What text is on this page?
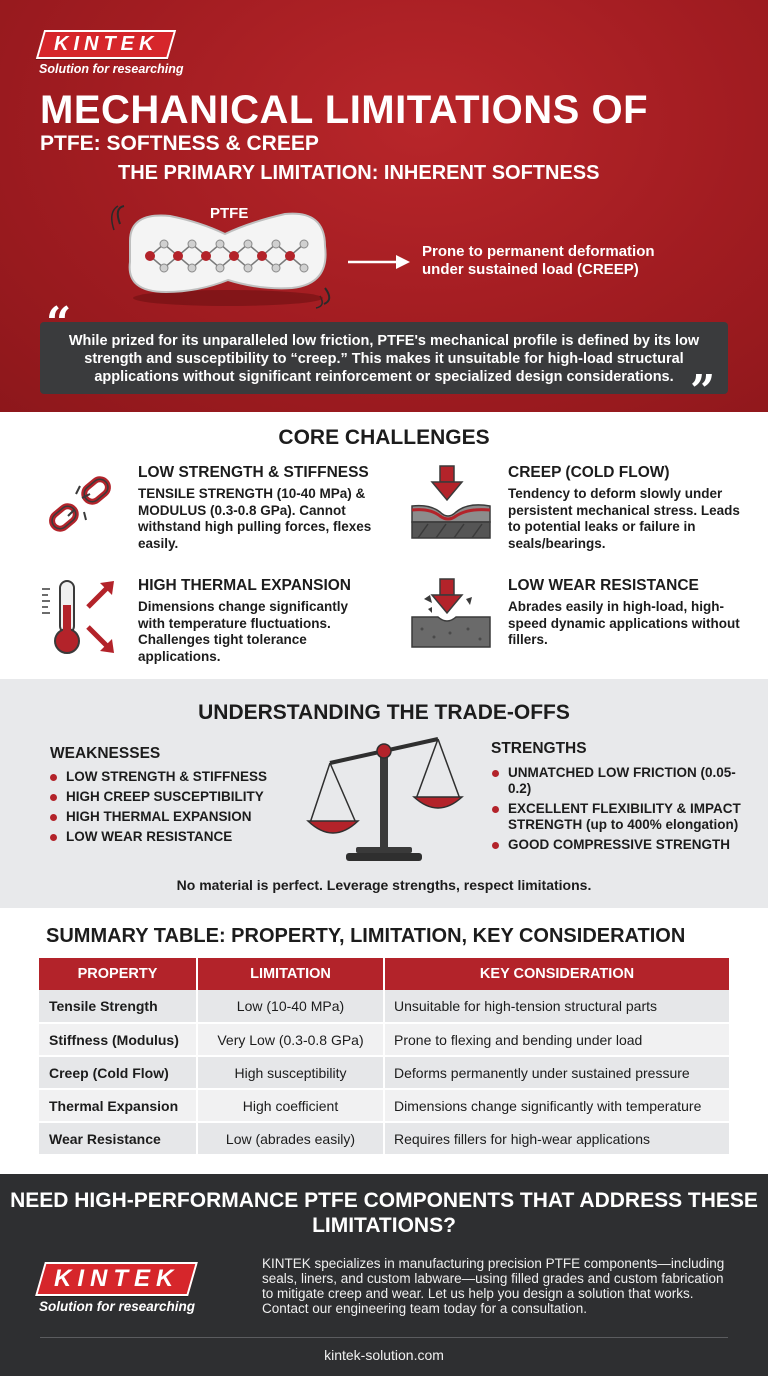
KINTEK
Solution for researching
MECHANICAL LIMITATIONS OF
PTFE: SOFTNESS & CREEP
THE PRIMARY LIMITATION: INHERENT SOFTNESS
PTFE
Prone to permanent deformation under sustained load (CREEP)
While prized for its unparalleled low friction, PTFE's mechanical profile is defined by its low strength and susceptibility to “creep.” This makes it unsuitable for high-load structural applications without significant reinforcement or specialized design considerations.
“
”
CORE CHALLENGES
LOW STRENGTH & STIFFNESS
TENSILE STRENGTH (10-40 MPa) & MODULUS (0.3-0.8 GPa). Cannot withstand high pulling forces, flexes easily.
CREEP (COLD FLOW)
Tendency to deform slowly under persistent mechanical stress. Leads to potential leaks or failure in seals/bearings.
HIGH THERMAL EXPANSION
Dimensions change significantly with temperature fluctuations. Challenges tight tolerance applications.
LOW WEAR RESISTANCE
Abrades easily in high-load, high-speed dynamic applications without fillers.
UNDERSTANDING THE TRADE-OFFS
WEAKNESSES
LOW STRENGTH & STIFFNESS
HIGH CREEP SUSCEPTIBILITY
HIGH THERMAL EXPANSION
LOW WEAR RESISTANCE
STRENGTHS
UNMATCHED LOW FRICTION (0.05-0.2)
EXCELLENT FLEXIBILITY & IMPACT STRENGTH (up to 400% elongation)
GOOD COMPRESSIVE STRENGTH
No material is perfect. Leverage strengths, respect limitations.
SUMMARY TABLE: PROPERTY, LIMITATION, KEY CONSIDERATION
PROPERTY	LIMITATION	KEY CONSIDERATION
Tensile Strength	Low (10-40 MPa)	Unsuitable for high-tension structural parts
Stiffness (Modulus)	Very Low (0.3-0.8 GPa)	Prone to flexing and bending under load
Creep (Cold Flow)	High susceptibility	Deforms permanently under sustained pressure
Thermal Expansion	High coefficient	Dimensions change significantly with temperature
Wear Resistance	Low (abrades easily)	Requires fillers for high-wear applications
NEED HIGH-PERFORMANCE PTFE COMPONENTS THAT ADDRESS THESE LIMITATIONS?
KINTEK
Solution for researching
KINTEK specializes in manufacturing precision PTFE components—including seals, liners, and custom labware—using filled grades and custom fabrication to mitigate creep and wear. Let us help you design a solution that works. Contact our engineering team today for a consultation.
kintek-solution.com
